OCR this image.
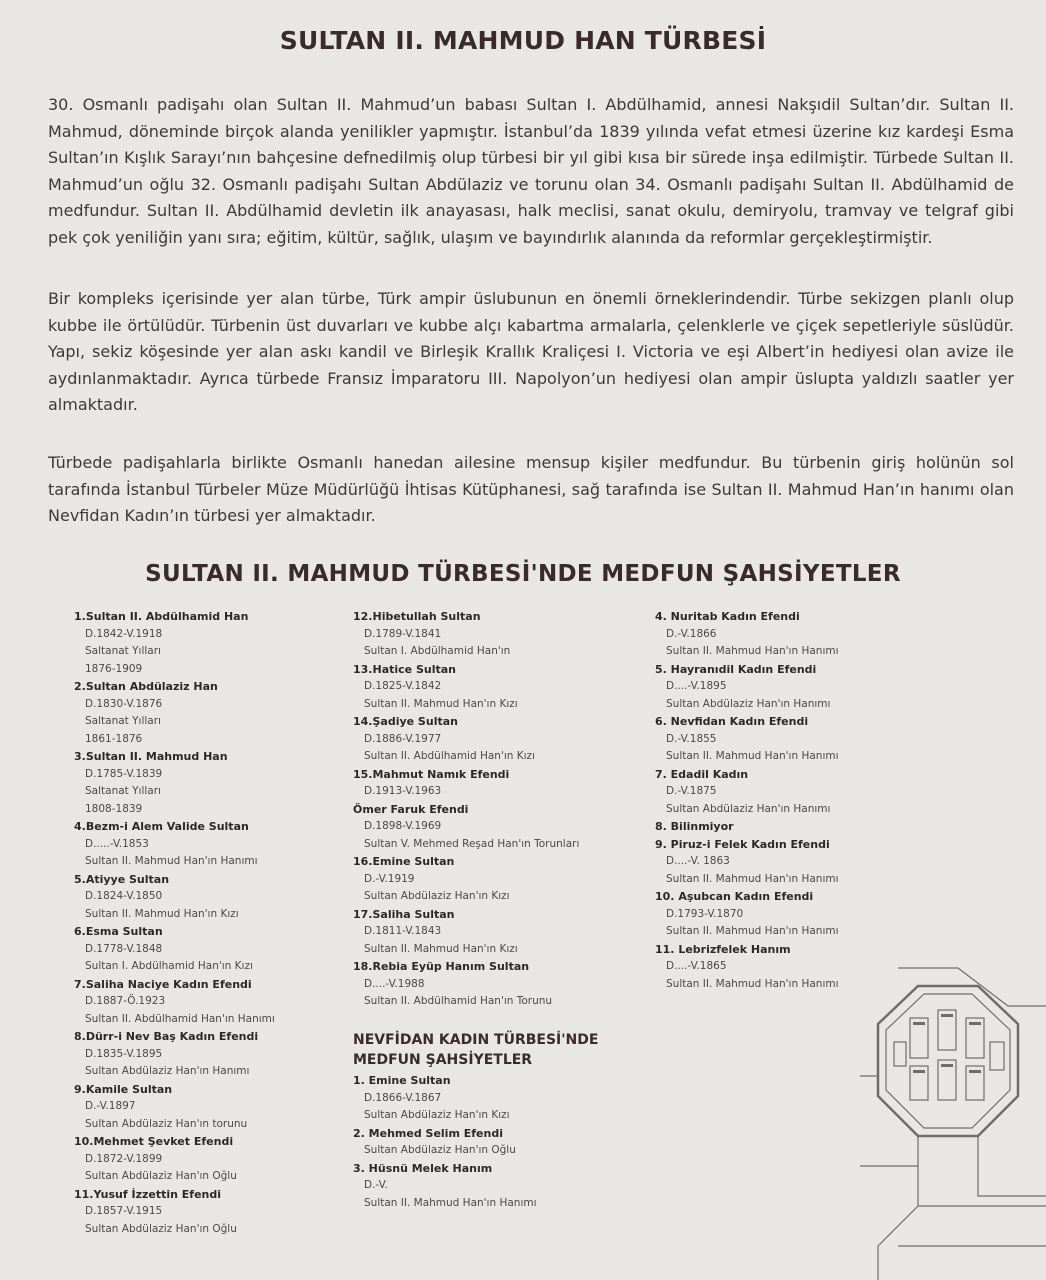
SULTAN II. MAHMUD HAN TÜRBESİ

30. Osmanlı padişahı olan Sultan II. Mahmud’un babası Sultan I. Abdülhamid, annesi Nakşıdil Sultan’dır. Sultan II. Mahmud, döneminde birçok alanda yenilikler yapmıştır. İstanbul’da 1839 yılında vefat etmesi üzerine kız kardeşi Esma Sultan’ın Kışlık Sarayı’nın bahçesine defnedilmiş olup türbesi bir yıl gibi kısa bir sürede inşa edilmiştir. Türbede Sultan II. Mahmud’un oğlu 32. Osmanlı padişahı Sultan Abdülaziz ve torunu olan 34. Osmanlı padişahı Sultan II. Abdülhamid de medfundur. Sultan II. Abdülhamid devletin ilk anayasası, halk meclisi, sanat okulu, demiryolu, tramvay ve telgraf gibi pek çok yeniliğin yanı sıra; eğitim, kültür, sağlık, ulaşım ve bayındırlık alanında da reformlar gerçekleştirmiştir.

Bir kompleks içerisinde yer alan türbe, Türk ampir üslubunun en önemli örneklerindendir. Türbe sekizgen planlı olup kubbe ile örtülüdür. Türbenin üst duvarları ve kubbe alçı kabartma armalarla, çelenklerle ve çiçek sepetleriyle süslüdür. Yapı, sekiz köşesinde yer alan askı kandil ve Birleşik Krallık Kraliçesi I. Victoria ve eşi Albert’in hediyesi olan avize ile aydınlanmaktadır. Ayrıca türbede Fransız İmparatoru III. Napolyon’un hediyesi olan ampir üslupta yaldızlı saatler yer almaktadır.

Türbede padişahlarla birlikte Osmanlı hanedan ailesine mensup kişiler medfundur. Bu türbenin giriş holünün sol tarafında İstanbul Türbeler Müze Müdürlüğü İhtisas Kütüphanesi, sağ tarafında ise Sultan II. Mahmud Han’ın hanımı olan Nevfidan Kadın’ın türbesi yer almaktadır.

SULTAN II. MAHMUD TÜRBESİ'NDE MEDFUN ŞAHSİYETLER
1.Sultan II. Abdülhamid Han
D.1842-V.1918
Saltanat Yılları
1876-1909
2.Sultan Abdülaziz Han
D.1830-V.1876
Saltanat Yılları
1861-1876
3.Sultan II. Mahmud Han
D.1785-V.1839
Saltanat Yılları
1808-1839
4.Bezm-i Alem Valide Sultan
D.....-V.1853
Sultan II. Mahmud Han'ın Hanımı
5.Atiyye Sultan
D.1824-V.1850
Sultan II. Mahmud Han'ın Kızı
6.Esma Sultan
D.1778-V.1848
Sultan I. Abdülhamid Han'ın Kızı
7.Saliha Naciye Kadın Efendi
D.1887-Ö.1923
Sultan II. Abdülhamid Han'ın Hanımı
8.Dürr-i Nev Baş Kadın Efendi
D.1835-V.1895
Sultan Abdülaziz Han'ın Hanımı
9.Kamile Sultan
D.-V.1897
Sultan Abdülaziz Han'ın torunu
10.Mehmet Şevket Efendi
D.1872-V.1899
Sultan Abdülaziz Han'ın Oğlu
11.Yusuf İzzettin Efendi
D.1857-V.1915
Sultan Abdülaziz Han'ın Oğlu
12.Hibetullah Sultan
D.1789-V.1841
Sultan I. Abdülhamid Han'ın
13.Hatice Sultan
D.1825-V.1842
Sultan II. Mahmud Han'ın Kızı
14.Şadiye Sultan
D.1886-V.1977
Sultan II. Abdülhamid Han'ın Kızı
15.Mahmut Namık Efendi
D.1913-V.1963
Ömer Faruk Efendi
D.1898-V.1969
Sultan V. Mehmed Reşad Han'ın Torunları
16.Emine Sultan
D.-V.1919
Sultan Abdülaziz Han'ın Kızı
17.Saliha Sultan
D.1811-V.1843
Sultan II. Mahmud Han'ın Kızı
18.Rebia Eyüp Hanım Sultan
D....-V.1988
Sultan II. Abdülhamid Han'ın Torunu
4. Nuritab Kadın Efendi
D.-V.1866
Sultan II. Mahmud Han'ın Hanımı
5. Hayranıdil Kadın Efendi
D....-V.1895
Sultan Abdülaziz Han'ın Hanımı
6. Nevfidan Kadın Efendi
D.-V.1855
Sultan II. Mahmud Han'ın Hanımı
7. Edadil Kadın
D.-V.1875
Sultan Abdülaziz Han'ın Hanımı
8. Bilinmiyor
9. Piruz-i Felek Kadın Efendi
D....-V. 1863
Sultan II. Mahmud Han'ın Hanımı
10. Aşubcan Kadın Efendi
D.1793-V.1870
Sultan II. Mahmud Han'ın Hanımı
11. Lebrizfelek Hanım
D....-V.1865
Sultan II. Mahmud Han'ın Hanımı
NEVFİDAN KADIN TÜRBESİ'NDE MEDFUN ŞAHSİYETLER
1. Emine Sultan
D.1866-V.1867
Sultan Abdülaziz Han'ın Kızı
2. Mehmed Selim Efendi
Sultan Abdülaziz Han'ın Oğlu
3. Hüsnü Melek Hanım
D.-V.
Sultan II. Mahmud Han'ın Hanımı
